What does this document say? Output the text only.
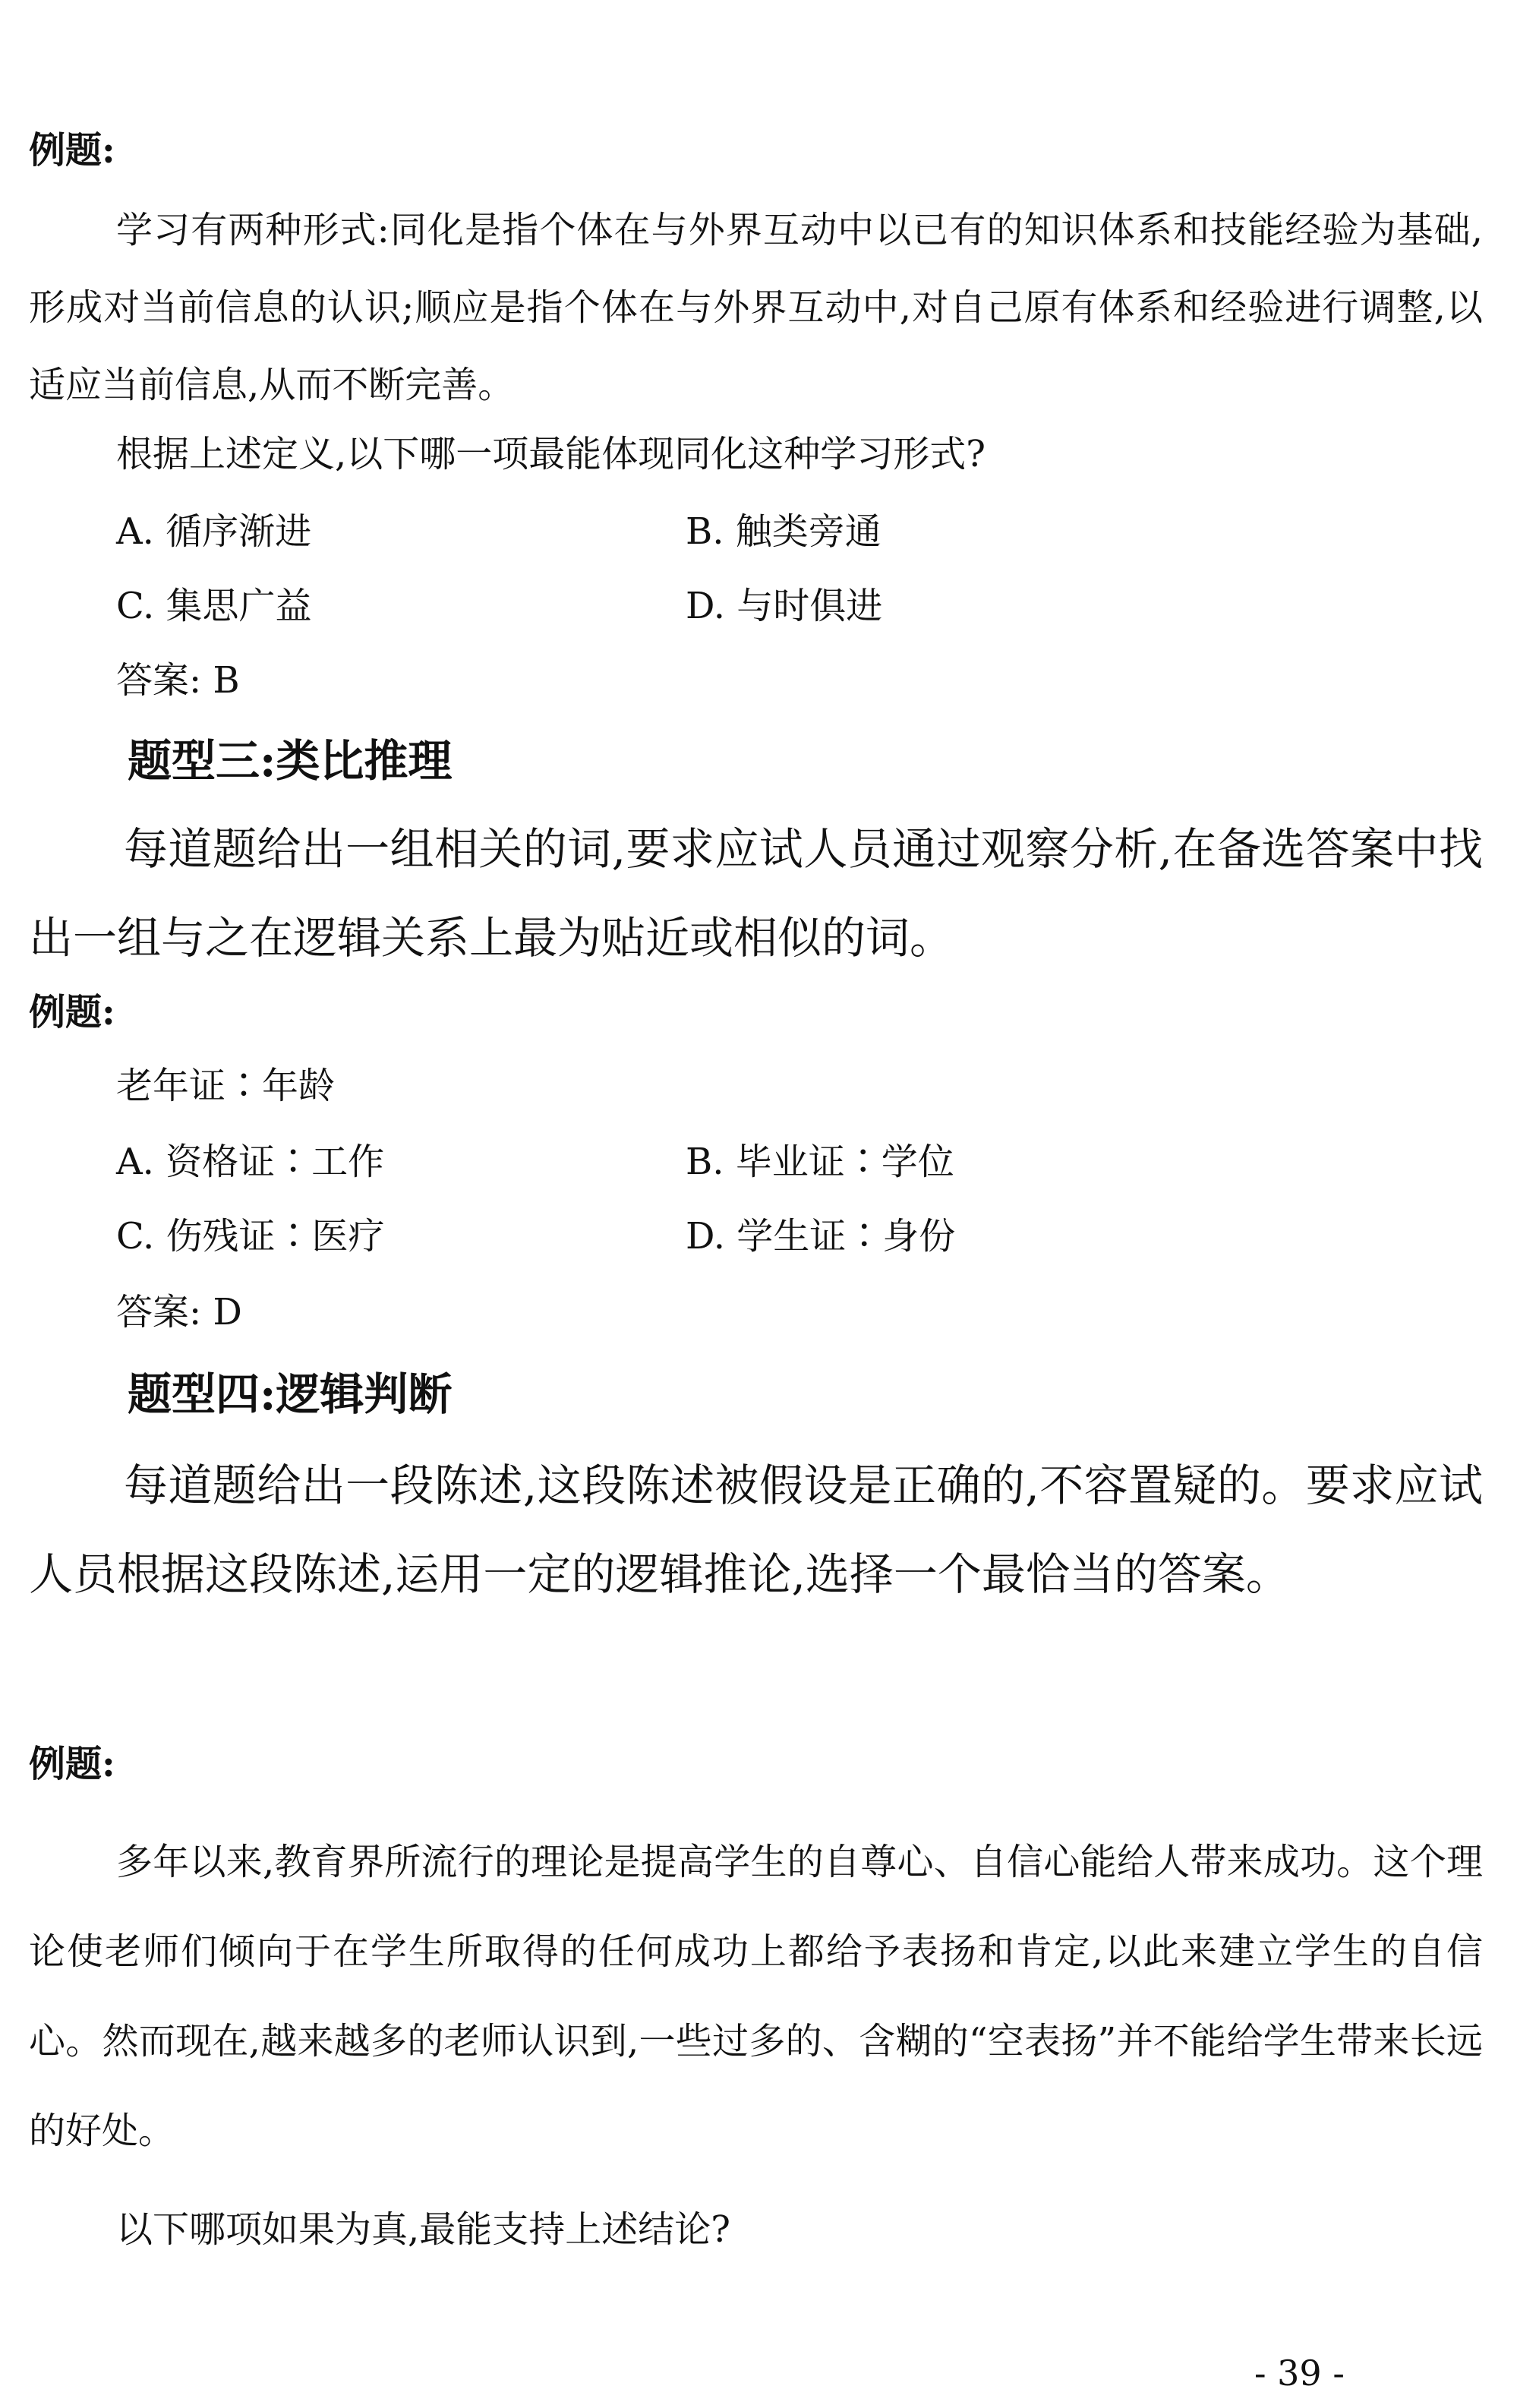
例题:
学习有两种形式:同化是指个体在与外界互动中以已有的知识体系和技能经验为基础,形成对当前信息的认识;顺应是指个体在与外界互动中,对自己原有体系和经验进行调整,以适应当前信息,从而不断完善。
根据上述定义,以下哪一项最能体现同化这种学习形式?
A. 循序渐进	B. 触类旁通
C. 集思广益	D. 与时俱进
答案: B
题型三:类比推理
每道题给出一组相关的词,要求应试人员通过观察分析,在备选答案中找出一组与之在逻辑关系上最为贴近或相似的词。
例题:
老年证∶年龄
A. 资格证∶工作	B. 毕业证∶学位
C. 伤残证∶医疗	D. 学生证∶身份
答案: D
题型四:逻辑判断
每道题给出一段陈述,这段陈述被假设是正确的,不容置疑的。要求应试人员根据这段陈述,运用一定的逻辑推论,选择一个最恰当的答案。
例题:
多年以来,教育界所流行的理论是提高学生的自尊心、自信心能给人带来成功。这个理论使老师们倾向于在学生所取得的任何成功上都给予表扬和肯定,以此来建立学生的自信心。然而现在,越来越多的老师认识到,一些过多的、含糊的“空表扬”并不能给学生带来长远的好处。
以下哪项如果为真,最能支持上述结论?
- 39 -
